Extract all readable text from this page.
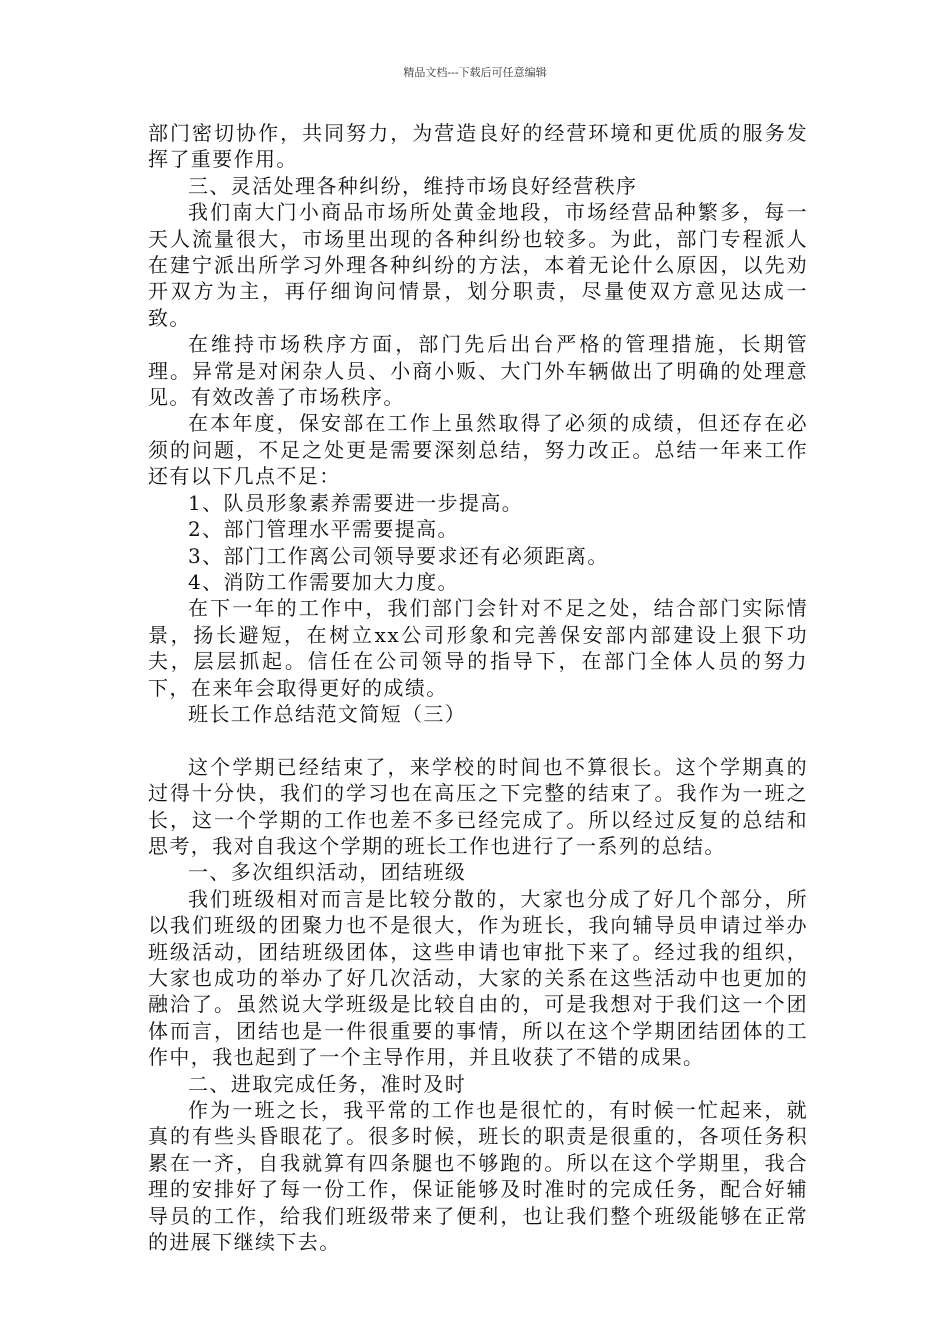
精品文档---下载后可任意编辑

部门密切协作，共同努力，为营造良好的经营环境和更优质的服务发挥了重要作用。

三、灵活处理各种纠纷，维持市场良好经营秩序

我们南大门小商品市场所处黄金地段，市场经营品种繁多，每一天人流量很大，市场里出现的各种纠纷也较多。为此，部门专程派人在建宁派出所学习外理各种纠纷的方法，本着无论什么原因，以先劝开双方为主，再仔细询问情景，划分职责，尽量使双方意见达成一致。

在维持市场秩序方面，部门先后出台严格的管理措施，长期管理。异常是对闲杂人员、小商小贩、大门外车辆做出了明确的处理意见。有效改善了市场秩序。

在本年度，保安部在工作上虽然取得了必须的成绩，但还存在必须的问题，不足之处更是需要深刻总结，努力改正。总结一年来工作还有以下几点不足：

1、队员形象素养需要进一步提高。

2、部门管理水平需要提高。

3、部门工作离公司领导要求还有必须距离。

4、消防工作需要加大力度。

在下一年的工作中，我们部门会针对不足之处，结合部门实际情景，扬长避短，在树立xx公司形象和完善保安部内部建设上狠下功夫，层层抓起。信任在公司领导的指导下，在部门全体人员的努力下，在来年会取得更好的成绩。

班长工作总结范文简短（三）

这个学期已经结束了，来学校的时间也不算很长。这个学期真的过得十分快，我们的学习也在高压之下完整的结束了。我作为一班之长，这一个学期的工作也差不多已经完成了。所以经过反复的总结和思考，我对自我这个学期的班长工作也进行了一系列的总结。

一、多次组织活动，团结班级

我们班级相对而言是比较分散的，大家也分成了好几个部分，所以我们班级的团聚力也不是很大，作为班长，我向辅导员申请过举办班级活动，团结班级团体，这些申请也审批下来了。经过我的组织，大家也成功的举办了好几次活动，大家的关系在这些活动中也更加的融洽了。虽然说大学班级是比较自由的，可是我想对于我们这一个团体而言，团结也是一件很重要的事情，所以在这个学期团结团体的工作中，我也起到了一个主导作用，并且收获了不错的成果。

二、进取完成任务，准时及时

作为一班之长，我平常的工作也是很忙的，有时候一忙起来，就真的有些头昏眼花了。很多时候，班长的职责是很重的，各项任务积累在一齐，自我就算有四条腿也不够跑的。所以在这个学期里，我合理的安排好了每一份工作，保证能够及时准时的完成任务，配合好辅导员的工作，给我们班级带来了便利，也让我们整个班级能够在正常的进展下继续下去。
